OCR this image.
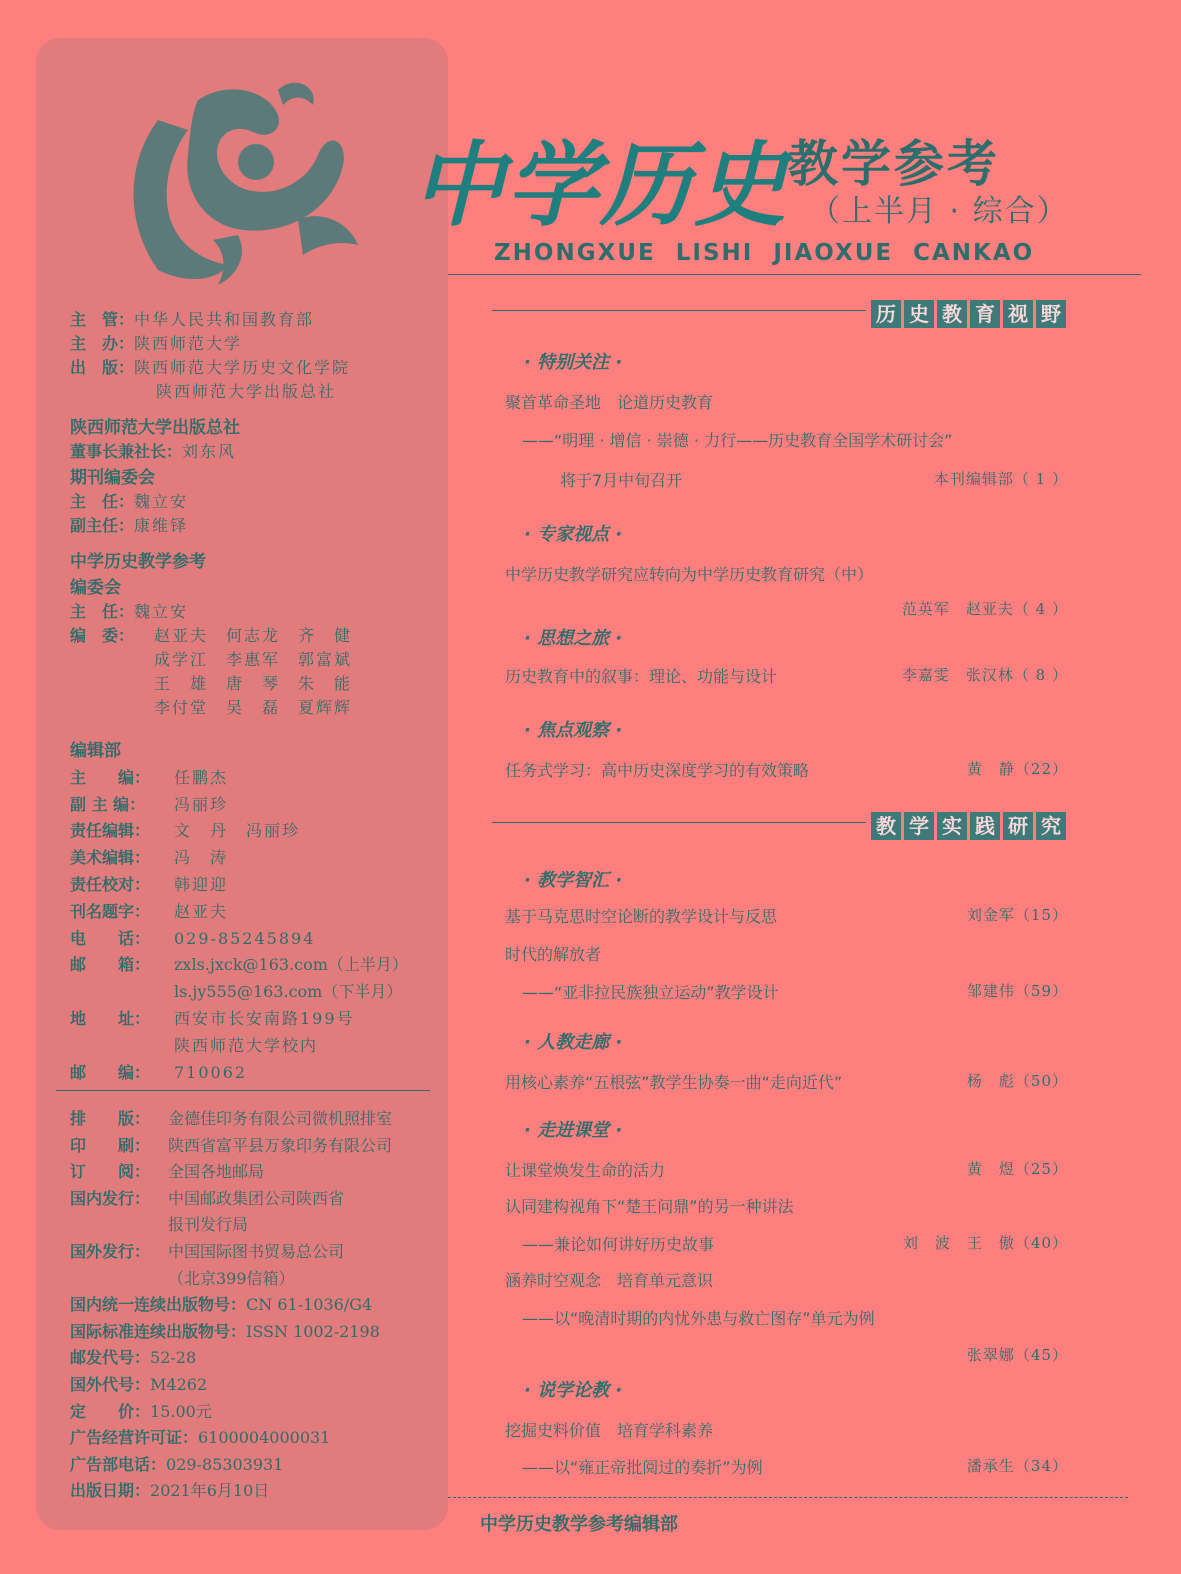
主　管： 中华人民共和国教育部
主　办： 陕西师范大学
出　版： 陕西师范大学历史文化学院
陕西师范大学出版总社
陕西师范大学出版总社
董事长兼社长： 刘东风
期刊编委会
主　任： 魏立安
副主任： 康维铎
中学历史教学参考
编委会
主　任： 魏立安
编　委：	赵亚夫　何志龙　齐　健
成学江　李惠军　郭富斌
王　雄　唐　琴　朱　能
李付堂　吴　磊　夏辉辉
编辑部
主　　编：	任鹏杰
副 主 编：	冯丽珍
责任编辑：	文　丹　冯丽珍
美术编辑：	冯　涛
责任校对：	韩迎迎
刊名题字：	赵亚夫
电　　话：	029-85245894
邮　　箱：	zxls.jxck@163.com（上半月）
ls.jy555@163.com（下半月）
地　　址：	西安市长安南路199号
陕西师范大学校内
邮　　编：	710062
排　　版：	金德佳印务有限公司微机照排室
印　　刷：	陕西省富平县万象印务有限公司
订　　阅：	全国各地邮局
国内发行：	中国邮政集团公司陕西省
报刊发行局
国外发行：	中国国际图书贸易总公司
（北京399信箱）
国内统一连续出版物号： CN 61-1036/G4
国际标准连续出版物号： ISSN 1002-2198
邮发代号： 52-28
国外代号： M4262
定　　价： 15.00元
广告经营许可证： 6100004000031
广告部电话： 029-85303931
出版日期： 2021年6月10日
中学历史 教学参考
（上半月 · 综合）
ZHONGXUE LISHI JIAOXUE CANKAO
历 史 教 育 视 野
· 特别关注 ·
聚首革命圣地　论道历史教育
——“明理 · 增信 · 崇德 · 力行——历史教育全国学术研讨会”
将于7月中旬召开	本刊编辑部（ 1 ）
· 专家视点 ·
中学历史教学研究应转向为中学历史教育研究（中）
范英军　赵亚夫（ 4 ）
· 思想之旅 ·
历史教育中的叙事：理论、功能与设计	李嘉雯　张汉林（ 8 ）
· 焦点观察 ·
任务式学习：高中历史深度学习的有效策略	黄　静（22）
教 学 实 践 研 究
· 教学智汇 ·
基于马克思时空论断的教学设计与反思	刘金军（15）
时代的解放者
——“亚非拉民族独立运动”教学设计	邹建伟（59）
· 人教走廊 ·
用核心素养“五根弦”教学生协奏一曲“走向近代”	杨　彪（50）
· 走进课堂 ·
让课堂焕发生命的活力	黄　煜（25）
认同建构视角下“楚王问鼎”的另一种讲法
——兼论如何讲好历史故事	刘　波　王　傲（40）
涵养时空观念　培育单元意识
——以“晚清时期的内忧外患与救亡图存”单元为例
张翠娜（45）
· 说学论教 ·
挖掘史料价值　培育学科素养
——以“雍正帝批阅过的奏折”为例	潘承生（34）
中学历史教学参考编辑部
